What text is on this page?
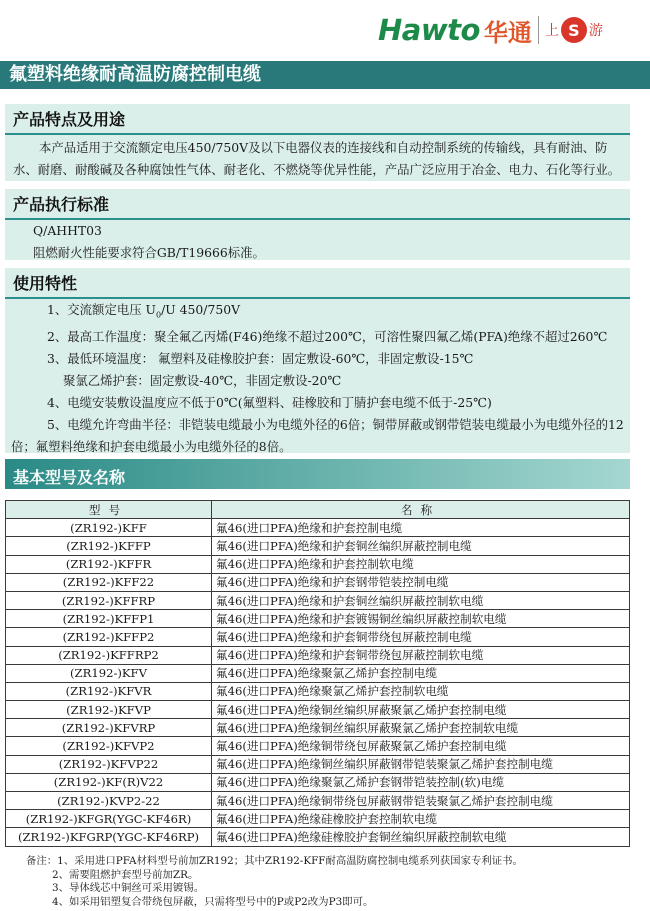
Hawto 华通 上 S 游
氟塑料绝缘耐高温防腐控制电缆
产品特点及用途
本产品适用于交流额定电压450/750V及以下电器仪表的连接线和自动控制系统的传输线，具有耐油、防水、耐磨、耐酸碱及各种腐蚀性气体、耐老化、不燃烧等优异性能，产品广泛应用于冶金、电力、石化等行业。
产品执行标准
Q/AHHT03
阻燃耐火性能要求符合GB/T19666标准。
使用特性
1、交流额定电压 $U_0/U$ 450/750V
2、最高工作温度：聚全氟乙丙烯(F46)绝缘不超过200℃，可溶性聚四氟乙烯(PFA)绝缘不超过260℃
3、最低环境温度： 氟塑料及硅橡胶护套：固定敷设-60℃，非固定敷设-15℃
聚氯乙烯护套：固定敷设-40℃，非固定敷设-20℃
4、电缆安装敷设温度应不低于0℃(氟塑料、硅橡胶和丁腈护套电缆不低于-25℃)
5、电缆允许弯曲半径：非铠装电缆最小为电缆外径的6倍；铜带屏蔽或钢带铠装电缆最小为电缆外径的12倍；氟塑料绝缘和护套电缆最小为电缆外径的8倍。
基本型号及名称
型号	名称
(ZR192-)KFF	氟46(进口PFA)绝缘和护套控制电缆
(ZR192-)KFFP	氟46(进口PFA)绝缘和护套铜丝编织屏蔽控制电缆
(ZR192-)KFFR	氟46(进口PFA)绝缘和护套控制软电缆
(ZR192-)KFF22	氟46(进口PFA)绝缘和护套钢带铠装控制电缆
(ZR192-)KFFRP	氟46(进口PFA)绝缘和护套铜丝编织屏蔽控制软电缆
(ZR192-)KFFP1	氟46(进口PFA)绝缘和护套镀锡铜丝编织屏蔽控制软电缆
(ZR192-)KFFP2	氟46(进口PFA)绝缘和护套铜带绕包屏蔽控制电缆
(ZR192-)KFFRP2	氟46(进口PFA)绝缘和护套铜带绕包屏蔽控制软电缆
(ZR192-)KFV	氟46(进口PFA)绝缘聚氯乙烯护套控制电缆
(ZR192-)KFVR	氟46(进口PFA)绝缘聚氯乙烯护套控制软电缆
(ZR192-)KFVP	氟46(进口PFA)绝缘铜丝编织屏蔽聚氯乙烯护套控制电缆
(ZR192-)KFVRP	氟46(进口PFA)绝缘铜丝编织屏蔽聚氯乙烯护套控制软电缆
(ZR192-)KFVP2	氟46(进口PFA)绝缘铜带绕包屏蔽聚氯乙烯护套控制电缆
(ZR192-)KFVP22	氟46(进口PFA)绝缘铜丝编织屏蔽钢带铠装聚氯乙烯护套控制电缆
(ZR192-)KF(R)V22	氟46(进口PFA)绝缘聚氯乙烯护套钢带铠装控制(软)电缆
(ZR192-)KVP2-22	氟46(进口PFA)绝缘铜带绕包屏蔽钢带铠装聚氯乙烯护套控制电缆
(ZR192-)KFGR(YGC-KF46R)	氟46(进口PFA)绝缘硅橡胶护套控制软电缆
(ZR192-)KFGRP(YGC-KF46RP)	氟46(进口PFA)绝缘硅橡胶护套铜丝编织屏蔽控制软电缆
备注：1、采用进口PFA材料型号前加ZR192；其中ZR192-KFF耐高温防腐控制电缆系列获国家专利证书。
2、需要阻燃护套型号前加ZR。
3、导体线芯中铜丝可采用镀锡。
4、如采用铝塑复合带绕包屏蔽，只需将型号中的P或P2改为P3即可。
